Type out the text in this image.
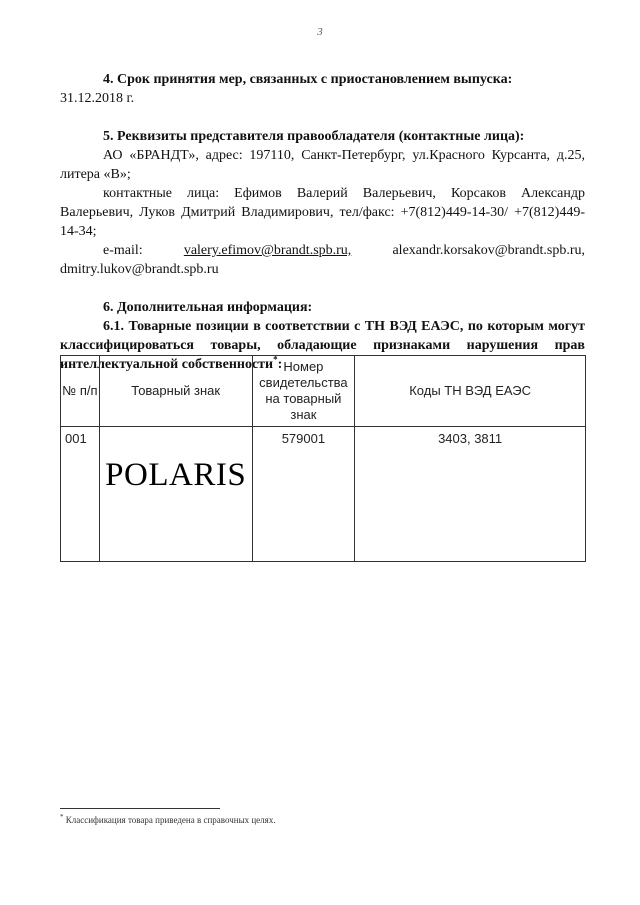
3

4. Срок принятия мер, связанных с приостановлением выпуска:

31.12.2018 г.

5. Реквизиты представителя правообладателя (контактные лица):

АО «БРАНДТ», адрес: 197110, Санкт-Петербург, ул.Красного Курсанта, д.25, литера «В»;

контактные лица: Ефимов Валерий Валерьевич, Корсаков Александр Валерьевич, Луков Дмитрий Владимирович, тел/факс: +7(812)449-14-30/ +7(812)449-14-34;

e-mail:	valery.efimov@brandt.spb.ru,	alexandr.korsakov@brandt.spb.ru,

dmitry.lukov@brandt.spb.ru

6. Дополнительная информация:

6.1. Товарные позиции в соответствии с ТН ВЭД ЕАЭС, по которым могут классифицироваться товары, обладающие признаками нарушения прав интеллектуальной собственности*:

№ п/п	Товарный знак	Номер свидетельства на товарный знак	Коды ТН ВЭД ЕАЭС

001	POLARIS	579001	3403, 3811
* Классификация товара приведена в справочных целях.
